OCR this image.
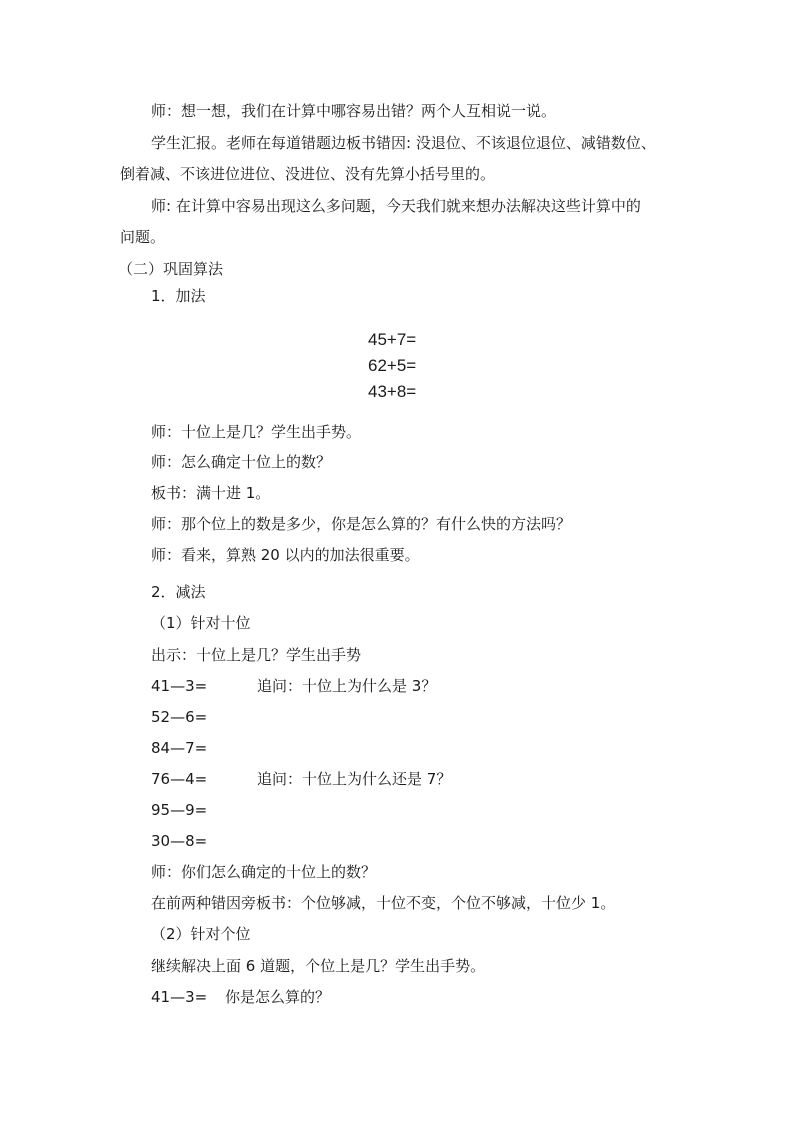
师：想一想，我们在计算中哪容易出错？两个人互相说一说。
学生汇报。老师在每道错题边板书错因: 没退位、不该退位退位、减错数位、
倒着减、不该进位进位、没进位、没有先算小括号里的。
师: 在计算中容易出现这么多问题，今天我们就来想办法解决这些计算中的
问题。
（二）巩固算法
1．加法
45+7=
62+5=
43+8=
师：十位上是几？学生出手势。
师：怎么确定十位上的数？
板书：满十进 1。
师：那个位上的数是多少，你是怎么算的？有什么快的方法吗？
师：看来，算熟 20 以内的加法很重要。
2．减法
（1）针对十位
出示：十位上是几？学生出手势
41—3=	追问：十位上为什么是 3？
52—6=
84—7=
76—4=	追问：十位上为什么还是 7？
95—9=
30—8=
师：你们怎么确定的十位上的数？
在前两种错因旁板书：个位够减，十位不变，个位不够减，十位少 1。
（2）针对个位
继续解决上面 6 道题，个位上是几？学生出手势。
41—3= 你是怎么算的？
